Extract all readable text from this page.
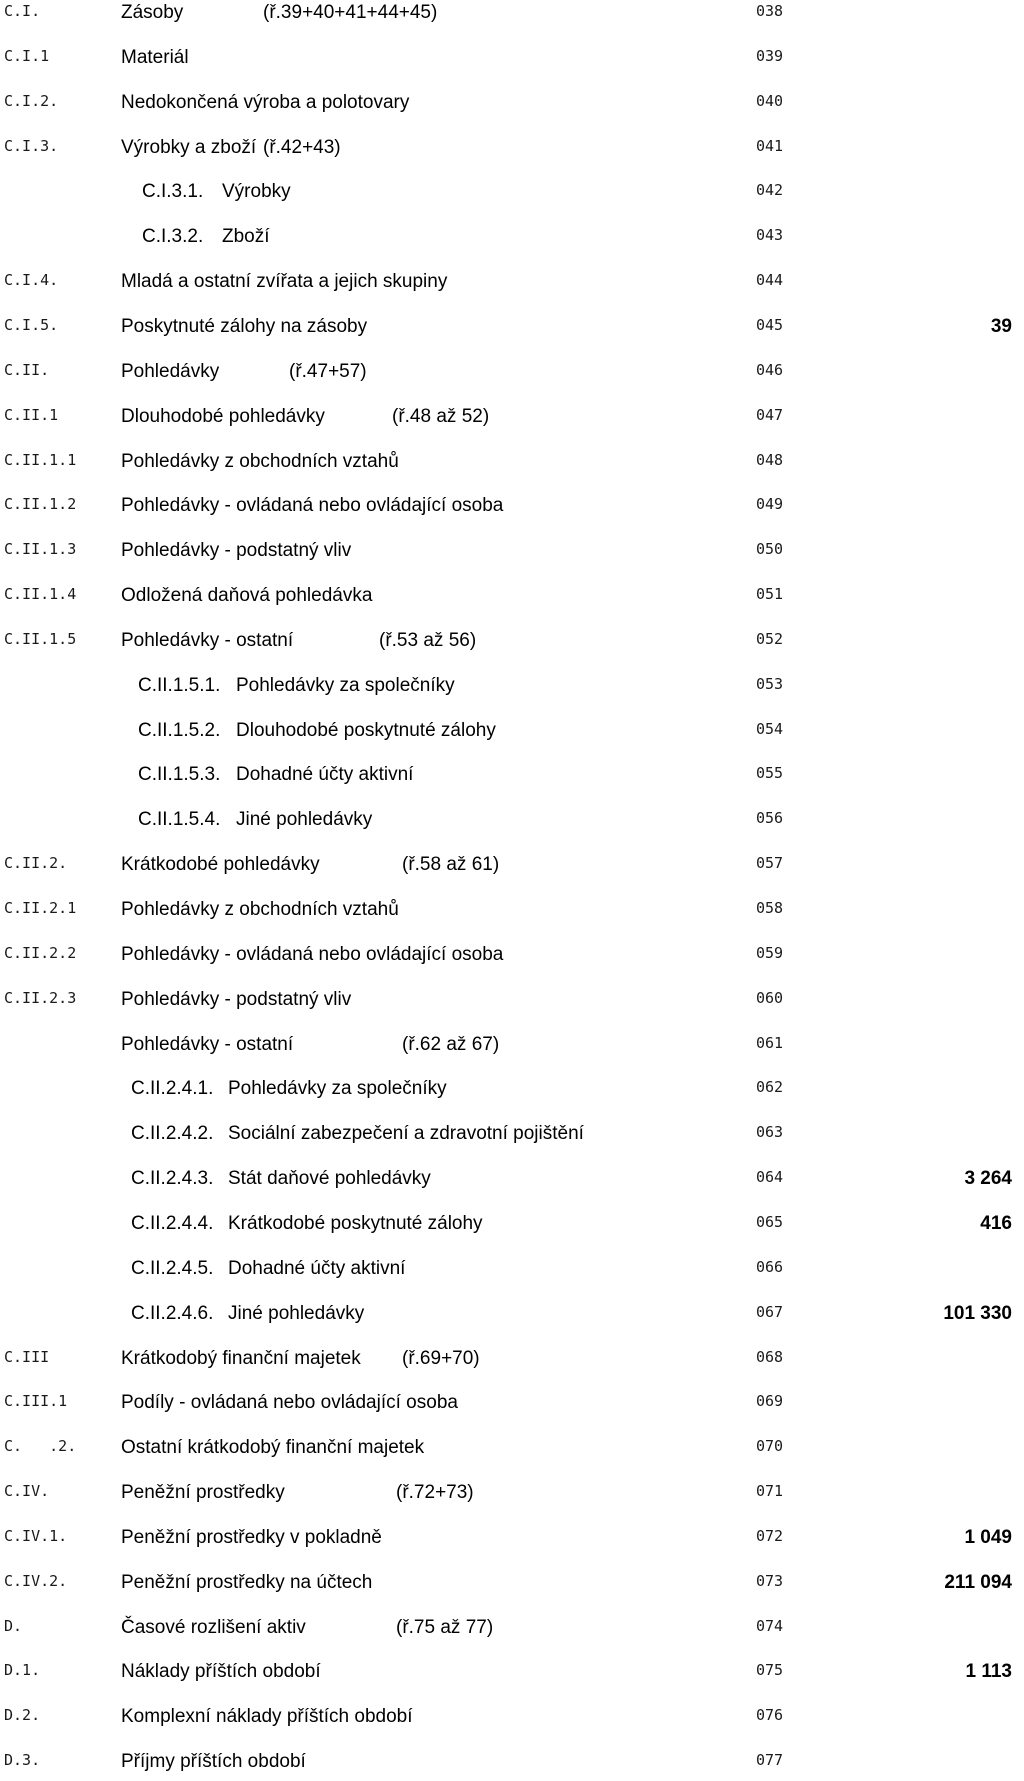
C.I.	Zásoby	(ř.39+40+41+44+45)	038
C.I.1	Materiál	039
C.I.2.	Nedokončená výroba a polotovary	040
C.I.3.	Výrobky a zboží (ř.42+43)	041
C.I.3.1. Výrobky	042
C.I.3.2. Zboží	043
C.I.4.	Mladá a ostatní zvířata a jejich skupiny	044
C.I.5.	Poskytnuté zálohy na zásoby	045	39
C.II.	Pohledávky	(ř.47+57)	046
C.II.1	Dlouhodobé pohledávky	(ř.48 až 52)	047
C.II.1.1 Pohledávky z obchodních vztahů	048
C.II.1.2 Pohledávky - ovládaná nebo ovládající osoba	049
C.II.1.3 Pohledávky - podstatný vliv	050
C.II.1.4 Odložená daňová pohledávka	051
C.II.1.5 Pohledávky - ostatní	(ř.53 až 56)	052
C.II.1.5.1. Pohledávky za společníky	053
C.II.1.5.2. Dlouhodobé poskytnuté zálohy	054
C.II.1.5.3. Dohadné účty aktivní	055
C.II.1.5.4. Jiné pohledávky	056
C.II.2.	Krátkodobé pohledávky	(ř.58 až 61)	057
C.II.2.1 Pohledávky z obchodních vztahů	058
C.II.2.2 Pohledávky - ovládaná nebo ovládající osoba	059
C.II.2.3 Pohledávky - podstatný vliv	060
Pohledávky - ostatní	(ř.62 až 67)	061
C.II.2.4.1. Pohledávky za společníky	062
C.II.2.4.2. Sociální zabezpečení a zdravotní pojištění	063
C.II.2.4.3. Stát daňové pohledávky	064	3 264
C.II.2.4.4. Krátkodobé poskytnuté zálohy	065	416
C.II.2.4.5. Dohadné účty aktivní	066
C.II.2.4.6. Jiné pohledávky	067	101 330
C.III	Krátkodobý finanční majetek (ř.69+70)	068
C.III.1	Podíly - ovládaná nebo ovládající osoba	069
C.   .2. Ostatní krátkodobý finanční majetek	070
C.IV.	Peněžní prostředky	(ř.72+73)	071
C.IV.1.	Peněžní prostředky v pokladně	072	1 049
C.IV.2.	Peněžní prostředky na účtech	073	211 094
D.	Časové rozlišení aktiv	(ř.75 až 77)	074
D.1.	Náklady příštích období	075	1 113
D.2.	Komplexní náklady příštích období	076
D.3.	Příjmy příštích období	077
